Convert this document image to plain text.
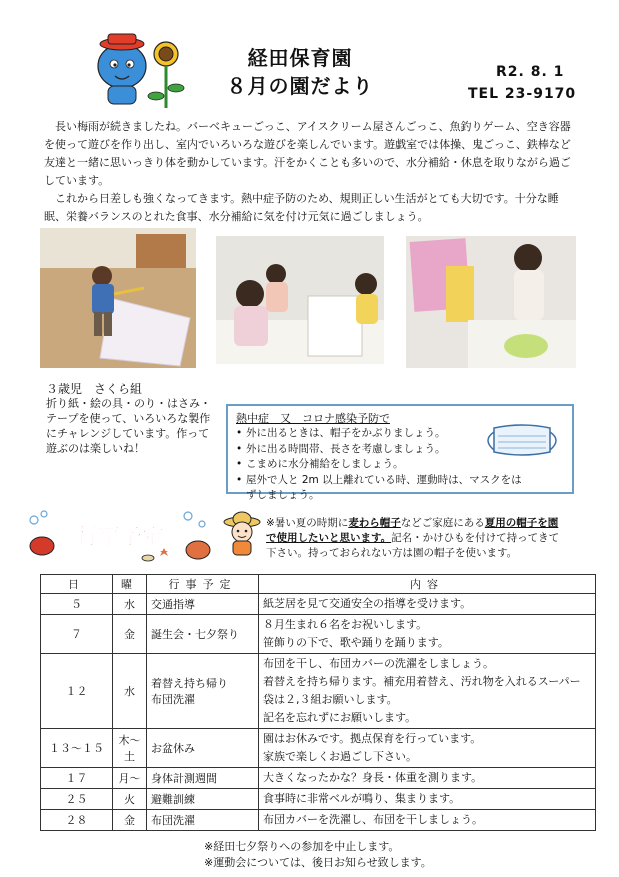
経田保育園
８月の園だより
R2. 8. 1
TEL 23-9170

長い梅雨が続きましたね。バーベキューごっこ、アイスクリーム屋さんごっこ、魚釣りゲーム、空き容器を使って遊びを作り出し、室内でいろいろな遊びを楽しんでいます。遊戯室では体操、鬼ごっこ、鉄棒など友達と一緒に思いっきり体を動かしています。汗をかくことも多いので、水分補給・休息を取りながら過ごしています。

これから日差しも強くなってきます。熱中症予防のため、規則正しい生活がとても大切です。十分な睡眠、栄養バランスのとれた食事、水分補給に気を付け元気に過ごしましょう。

３歳児　さくら組
折り紙・絵の具・のり・はさみ・テープを使って、いろいろな製作にチャレンジしています。作って遊ぶのは楽しいね！
熱中症　又　コロナ感染予防で
• 外に出るときは、帽子をかぶりましょう。
• 外に出る時間帯、長さを考慮しましょう。
• こまめに水分補給をしましょう。
• 屋外で人と 2m 以上離れている時、運動時は、マスクをはずしましょう。
行事予定
※暑い夏の時期に麦わら帽子などご家庭にある夏用の帽子を園で使用したいと思います。記名・かけひもを付けて持ってきて下さい。持っておられない方は園の帽子を使います。
日	曜	行事予定	内容
５	水	交通指導	紙芝居を見て交通安全の指導を受けます。

７	金	誕生会・七夕祭り	８月生まれ６名をお祝いします。
笹飾りの下で、歌や踊りを踊ります。

１２	水	着替え持ち帰り
布団洗濯	布団を干し、布団カバーの洗濯をしましょう。
着替えを持ち帰ります。補充用着替え、汚れ物を入れるスーパー袋は２,３組お願いします。
記名を忘れずにお願いします。

１３～１５	木～土	お盆休み	園はお休みです。拠点保育を行っています。
家族で楽しくお過ごし下さい。

１７	月～	身体計測週間	大きくなったかな？身長・体重を測ります。

２５	火	避難訓練	食事時に非常ベルが鳴り、集まります。

２８	金	布団洗濯	布団カバーを洗濯し、布団を干しましょう。
※経田七夕祭りへの参加を中止します。
※運動会については、後日お知らせ致します。
